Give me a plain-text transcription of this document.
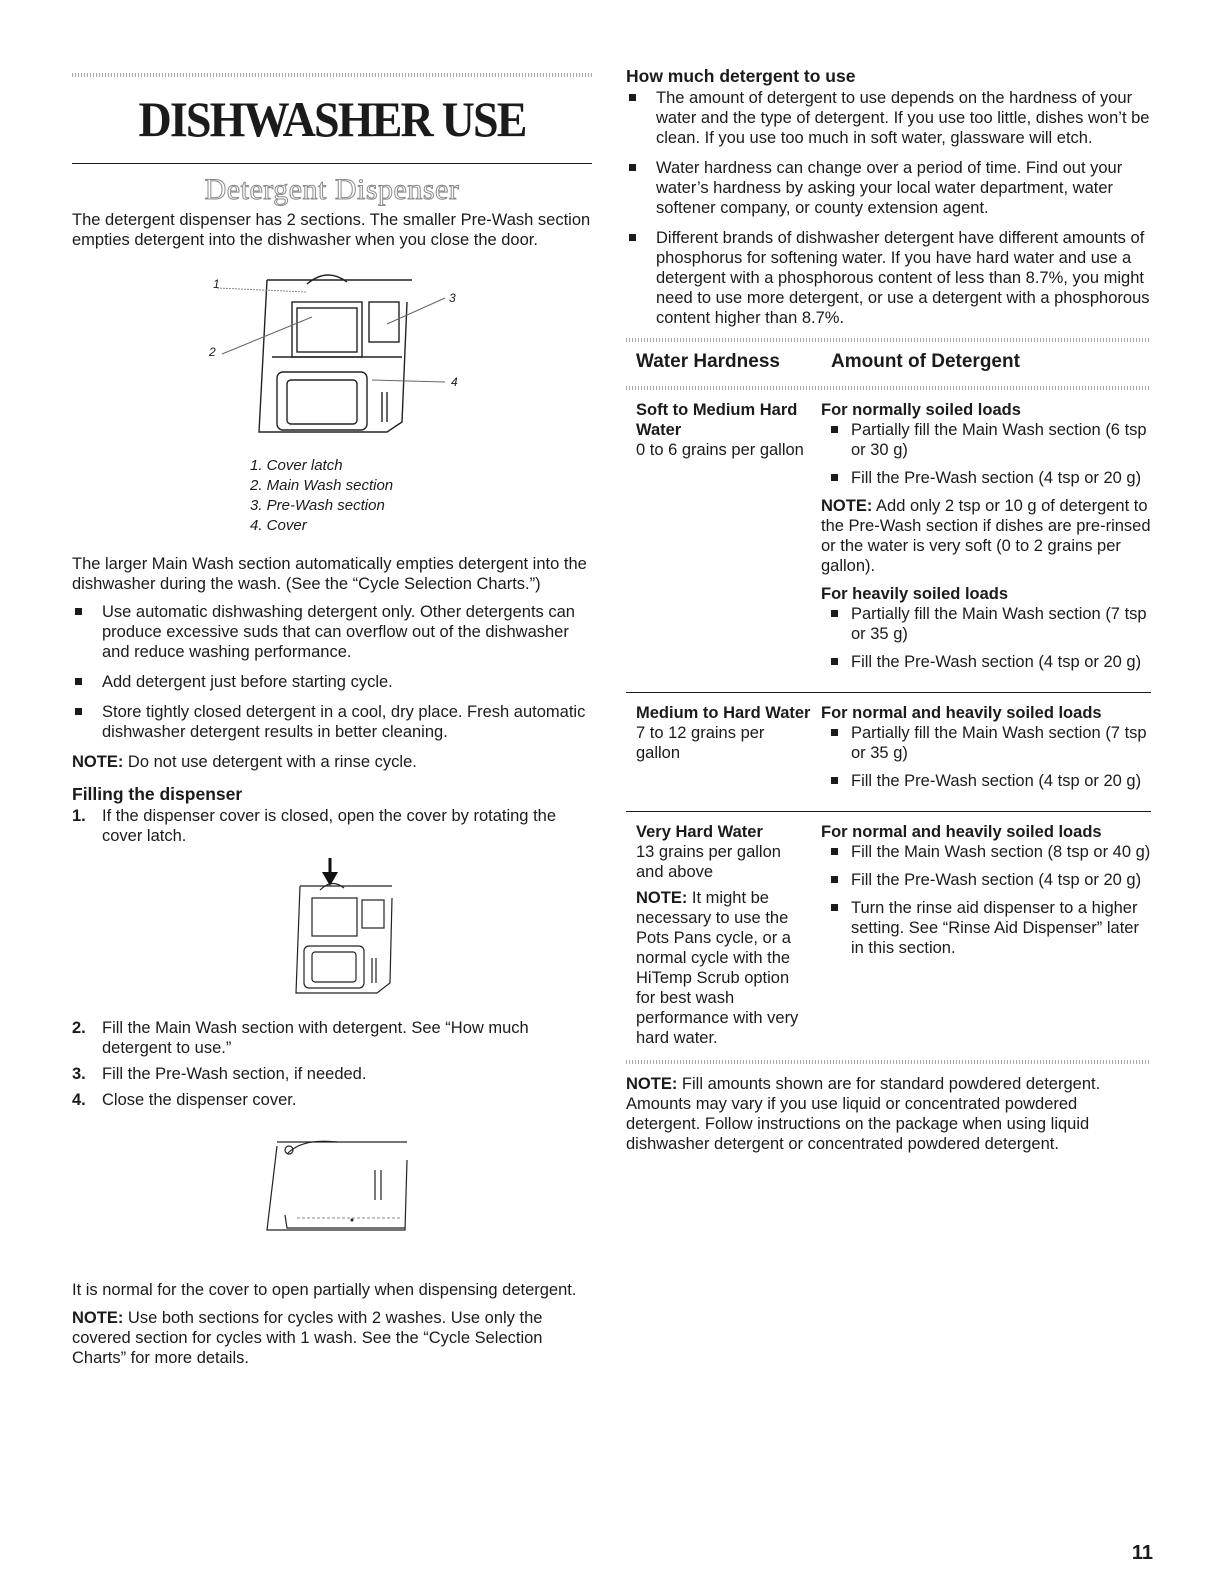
DISHWASHER USE
Detergent Dispenser

The detergent dispenser has 2 sections. The smaller Pre-Wash section empties detergent into the dishwasher when you close the door.

1
2
3
4
1. Cover latch
2. Main Wash section
3. Pre-Wash section
4. Cover

The larger Main Wash section automatically empties detergent into the dishwasher during the wash. (See the “Cycle Selection Charts.”)

Use automatic dishwashing detergent only. Other detergents can produce excessive suds that can overflow out of the dishwasher and reduce washing performance.
Add detergent just before starting cycle.
Store tightly closed detergent in a cool, dry place. Fresh automatic dishwasher detergent results in better cleaning.

NOTE: Do not use detergent with a rinse cycle.

Filling the dispenser
1. If the dispenser cover is closed, open the cover by rotating the cover latch.
2. Fill the Main Wash section with detergent. See “How much detergent to use.”
3. Fill the Pre-Wash section, if needed.
4. Close the dispenser cover.

It is normal for the cover to open partially when dispensing detergent.

NOTE: Use both sections for cycles with 2 washes. Use only the covered section for cycles with 1 wash. See the “Cycle Selection Charts” for more details.

How much detergent to use
The amount of detergent to use depends on the hardness of your water and the type of detergent. If you use too little, dishes won’t be clean. If you use too much in soft water, glassware will etch.
Water hardness can change over a period of time. Find out your water’s hardness by asking your local water department, water softener company, or county extension agent.
Different brands of dishwasher detergent have different amounts of phosphorus for softening water. If you have hard water and use a detergent with a phosphorous content of less than 8.7%, you might need to use more detergent, or use a detergent with a phosphorous content higher than 8.7%.
Water Hardness	Amount of Detergent
Soft to Medium Hard Water
0 to 6 grains per gallon
For normally soiled loads
Partially fill the Main Wash section (6 tsp or 30 g)
Fill the Pre-Wash section (4 tsp or 20 g)

NOTE: Add only 2 tsp or 10 g of detergent to the Pre-Wash section if dishes are pre-rinsed or the water is very soft (0 to 2 grains per gallon).

For heavily soiled loads
Partially fill the Main Wash section (7 tsp or 35 g)
Fill the Pre-Wash section (4 tsp or 20 g)
Medium to Hard Water
7 to 12 grains per gallon
For normal and heavily soiled loads
Partially fill the Main Wash section (7 tsp or 35 g)
Fill the Pre-Wash section (4 tsp or 20 g)
Very Hard Water
13 grains per gallon and above
NOTE: It might be necessary to use the Pots Pans cycle, or a normal cycle with the HiTemp Scrub option for best wash performance with very hard water.
For normal and heavily soiled loads
Fill the Main Wash section (8 tsp or 40 g)
Fill the Pre-Wash section (4 tsp or 20 g)
Turn the rinse aid dispenser to a higher setting. See “Rinse Aid Dispenser” later in this section.

NOTE: Fill amounts shown are for standard powdered detergent. Amounts may vary if you use liquid or concentrated powdered detergent. Follow instructions on the package when using liquid dishwasher detergent or concentrated powdered detergent.

11
